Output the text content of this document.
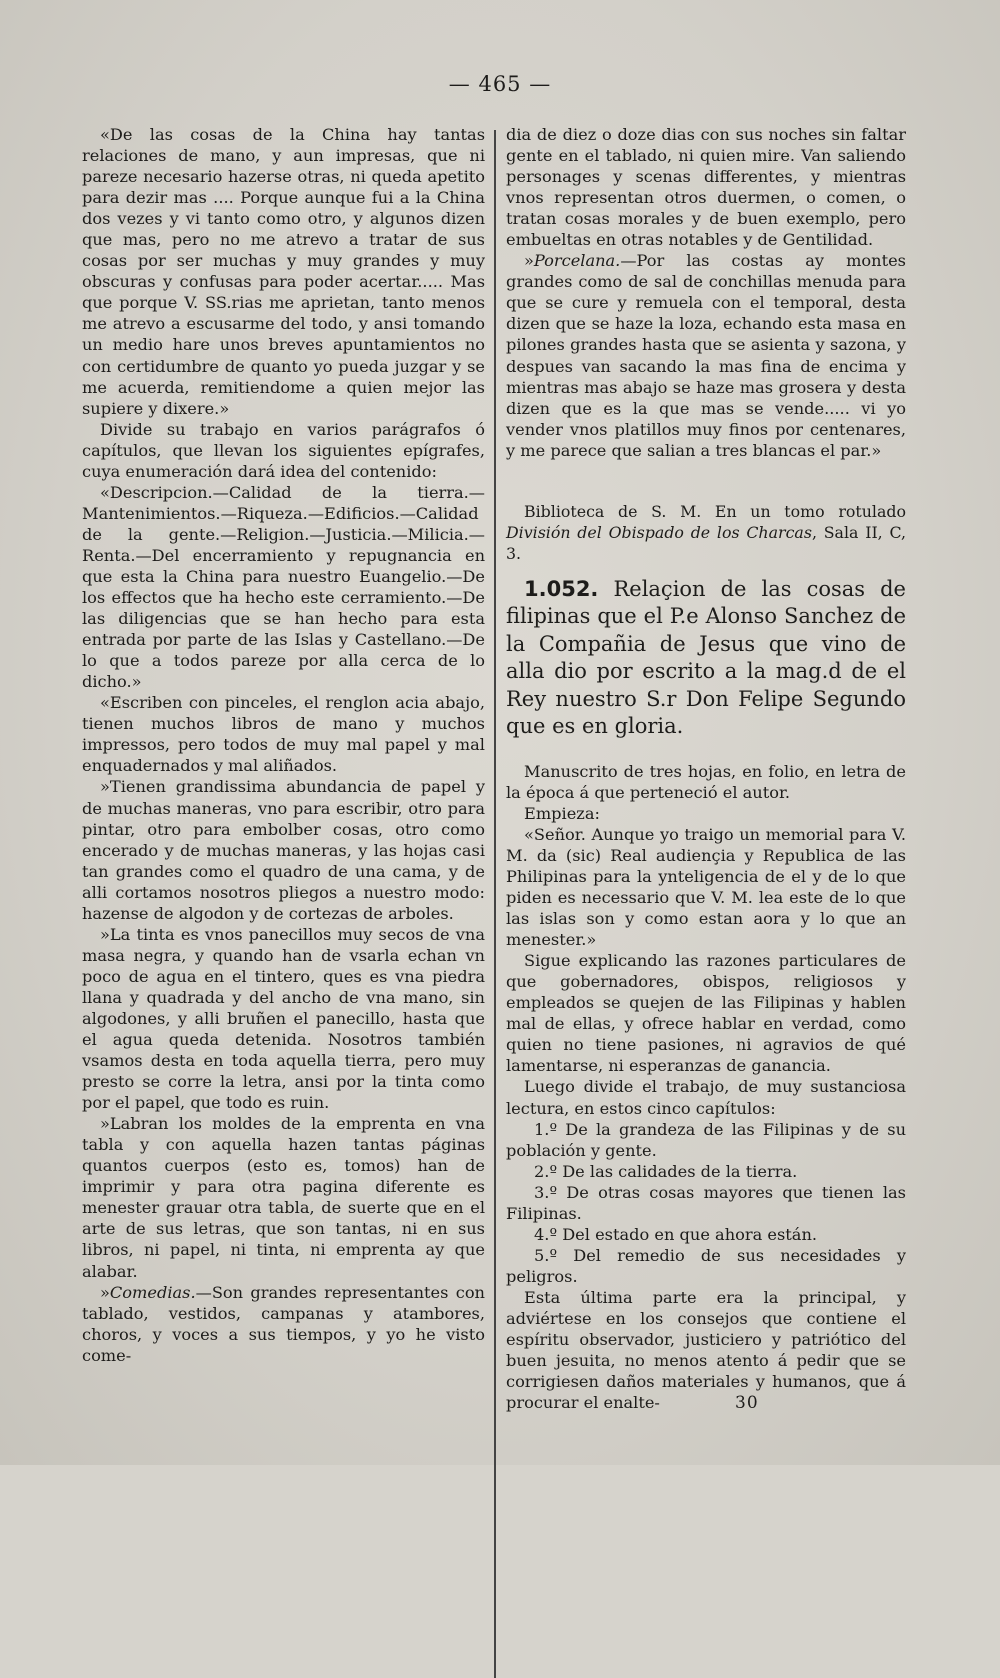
— 465 —

«De las cosas de la China hay tantas relaciones de mano, y aun impresas, que ni pareze necesario hazerse otras, ni queda apetito para dezir mas .... Porque aunque fui a la China dos vezes y vi tanto como otro, y algunos dizen que mas, pero no me atrevo a tratar de sus cosas por ser muchas y muy grandes y muy obscuras y confusas para poder acertar..... Mas que porque V. SS.rias me aprietan, tanto menos me atrevo a escusarme del todo, y ansi tomando un medio hare unos breves apuntamientos no con certidumbre de quanto yo pueda juzgar y se me acuerda, remitiendome a quien mejor las supiere y dixere.»

Divide su trabajo en varios parágrafos ó capítulos, que llevan los siguientes epígrafes, cuya enumeración dará idea del contenido:

«Descripcion.—Calidad de la tierra.—Mantenimientos.—Riqueza.—Edificios.—Calidad de la gente.—Religion.—Justicia.—Milicia.—Renta.—Del encerramiento y repugnancia en que esta la China para nuestro Euangelio.—De los effectos que ha hecho este cerramiento.—De las diligencias que se han hecho para esta entrada por parte de las Islas y Castellano.—De lo que a todos pareze por alla cerca de lo dicho.»

«Escriben con pinceles, el renglon acia abajo, tienen muchos libros de mano y muchos impressos, pero todos de muy mal papel y mal enquadernados y mal aliñados.

»Tienen grandissima abundancia de papel y de muchas maneras, vno para escribir, otro para pintar, otro para embolber cosas, otro como encerado y de muchas maneras, y las hojas casi tan grandes como el quadro de una cama, y de alli cortamos nosotros pliegos a nuestro modo: hazense de algodon y de cortezas de arboles.

»La tinta es vnos panecillos muy secos de vna masa negra, y quando han de vsarla echan vn poco de agua en el tintero, ques es vna piedra llana y quadrada y del ancho de vna mano, sin algodones, y alli bruñen el panecillo, hasta que el agua queda detenida. Nosotros también vsamos desta en toda aquella tierra, pero muy presto se corre la letra, ansi por la tinta como por el papel, que todo es ruin.

»Labran los moldes de la emprenta en vna tabla y con aquella hazen tantas páginas quantos cuerpos (esto es, tomos) han de imprimir y para otra pagina diferente es menester grauar otra tabla, de suerte que en el arte de sus letras, que son tantas, ni en sus libros, ni papel, ni tinta, ni emprenta ay que alabar.

»Comedias.—Son grandes representantes con tablado, vestidos, campanas y atambores, choros, y voces a sus tiempos, y yo he visto come-

dia de diez o doze dias con sus noches sin faltar gente en el tablado, ni quien mire. Van saliendo personages y scenas differentes, y mientras vnos representan otros duermen, o comen, o tratan cosas morales y de buen exemplo, pero embueltas en otras notables y de Gentilidad.

»Porcelana.—Por las costas ay montes grandes como de sal de conchillas menuda para que se cure y remuela con el temporal, desta dizen que se haze la loza, echando esta masa en pilones grandes hasta que se asienta y sazona, y despues van sacando la mas fina de encima y mientras mas abajo se haze mas grosera y desta dizen que es la que mas se vende..... vi yo vender vnos platillos muy finos por centenares, y me parece que salian a tres blancas el par.»

Biblioteca de S. M. En un tomo rotulado División del Obispado de los Charcas, Sala II, C, 3.

1.052. Relaçion de las cosas de filipinas que el P.e Alonso Sanchez de la Compañia de Jesus que vino de alla dio por escrito a la mag.d de el Rey nuestro S.r Don Felipe Segundo que es en gloria.

Manuscrito de tres hojas, en folio, en letra de la época á que perteneció el autor.

Empieza:

«Señor. Aunque yo traigo un memorial para V. M. da (sic) Real audiençia y Republica de las Philipinas para la ynteligencia de el y de lo que piden es necessario que V. M. lea este de lo que las islas son y como estan aora y lo que an menester.»

Sigue explicando las razones particulares de que gobernadores, obispos, religiosos y empleados se quejen de las Filipinas y hablen mal de ellas, y ofrece hablar en verdad, como quien no tiene pasiones, ni agravios de qué lamentarse, ni esperanzas de ganancia.

Luego divide el trabajo, de muy sustanciosa lectura, en estos cinco capítulos:

1.º De la grandeza de las Filipinas y de su población y gente.

2.º De las calidades de la tierra.

3.º De otras cosas mayores que tienen las Filipinas.

4.º Del estado en que ahora están.

5.º Del remedio de sus necesidades y peligros.

Esta última parte era la principal, y adviértese en los consejos que contiene el espíritu observador, justiciero y patriótico del buen jesuita, no menos atento á pedir que se corrigiesen daños materiales y humanos, que á procurar el enalte-	30
